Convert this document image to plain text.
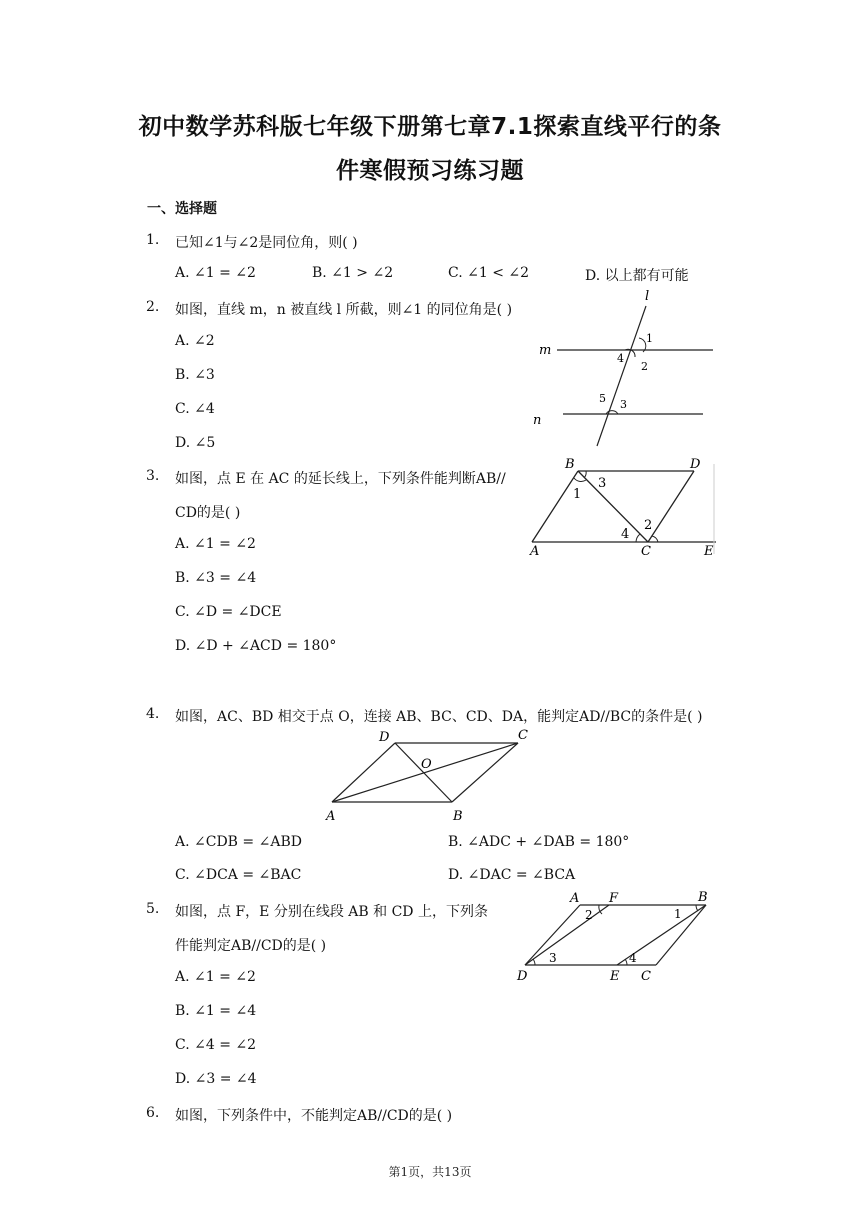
初中数学苏科版七年级下册第七章7.1探索直线平行的条
件寒假预习练习题
一、选择题
1. 已知∠1与∠2是同位角，则( )
A. ∠1 = ∠2	B. ∠1 > ∠2	C. ∠1 < ∠2	D. 以上都有可能
2. 如图，直线 m，n 被直线 l 所截，则∠1 的同位角是( )
A. ∠2
B. ∠3
C. ∠4
D. ∠5
l
m
n
1
2
4
5 3
3. 如图，点 E 在 AC 的延长线上，下列条件能判断AB//
CD的是( )
A. ∠1 = ∠2
B. ∠3 = ∠4
C. ∠D = ∠DCE
D. ∠D + ∠ACD = 180°
B	D
A	C	E
1
3
4
2
4. 如图，AC、BD 相交于点 O，连接 AB、BC、CD、DA，能判定AD//BC的条件是( )
D	C
O
A	B
A. ∠CDB = ∠ABD	B. ∠ADC + ∠DAB = 180°
C. ∠DCA = ∠BAC	D. ∠DAC = ∠BCA
5. 如图，点 F，E 分别在线段 AB 和 CD 上，下列条
件能判定AB//CD的是( )
A. ∠1 = ∠2
B. ∠1 = ∠4
C. ∠4 = ∠2
D. ∠3 = ∠4
A F	B
2	1
D
3
E
4
C
6. 如图，下列条件中，不能判定AB//CD的是( )
第1页，共13页
